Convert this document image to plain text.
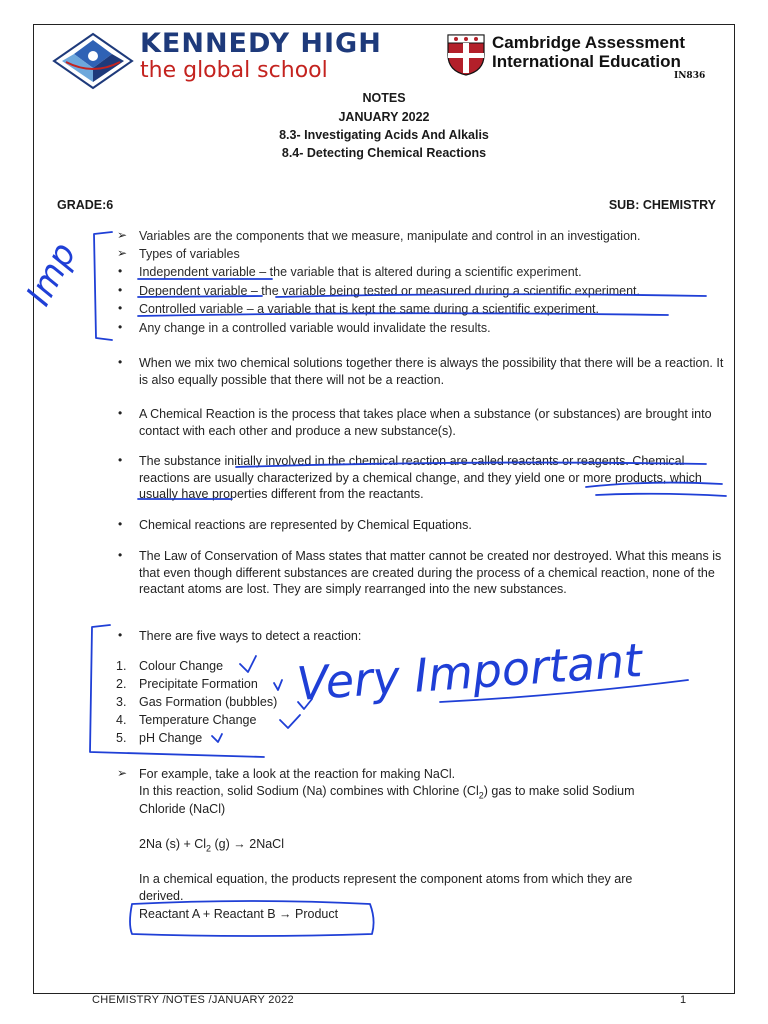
KENNEDY HIGH
the global school
Cambridge Assessment
International Education
IN836
NOTES
JANUARY 2022
8.3- Investigating Acids And Alkalis
8.4- Detecting Chemical Reactions
GRADE:6	SUB: CHEMISTRY
➢ Variables are the components that we measure, manipulate and control in an investigation.
➢ Types of variables
• Independent variable – the variable that is altered during a scientific experiment.
• Dependent variable – the variable being tested or measured during a scientific experiment.
• Controlled variable – a variable that is kept the same during a scientific experiment.
• Any change in a controlled variable would invalidate the results.
• When we mix two chemical solutions together there is always the possibility that there will be a reaction. It is also equally possible that there will not be a reaction.
• A Chemical Reaction is the process that takes place when a substance (or substances) are brought into contact with each other and produce a new substance(s).
• The substance initially involved in the chemical reaction are called reactants or reagents. Chemical reactions are usually characterized by a chemical change, and they yield one or more products, which usually have properties different from the reactants.
• Chemical reactions are represented by Chemical Equations.
• The Law of Conservation of Mass states that matter cannot be created nor destroyed. What this means is that even though different substances are created during the process of a chemical reaction, none of the reactant atoms are lost. They are simply rearranged into the new substances.
• There are five ways to detect a reaction:
1. Colour Change
2. Precipitate Formation
3. Gas Formation (bubbles)
4. Temperature Change
5. pH Change
➢ For example, take a look at the reaction for making NaCl.
In this reaction, solid Sodium (Na) combines with Chlorine $(Cl_2)$ gas to make solid Sodium
Chloride (NaCl)
2Na $(s) + Cl_2$ (g) → 2NaCl
In a chemical equation, the products represent the component atoms from which they are
derived.
Reactant A + Reactant B → Product
CHEMISTRY /NOTES /JANUARY 2022	1
Imp
Very Important
